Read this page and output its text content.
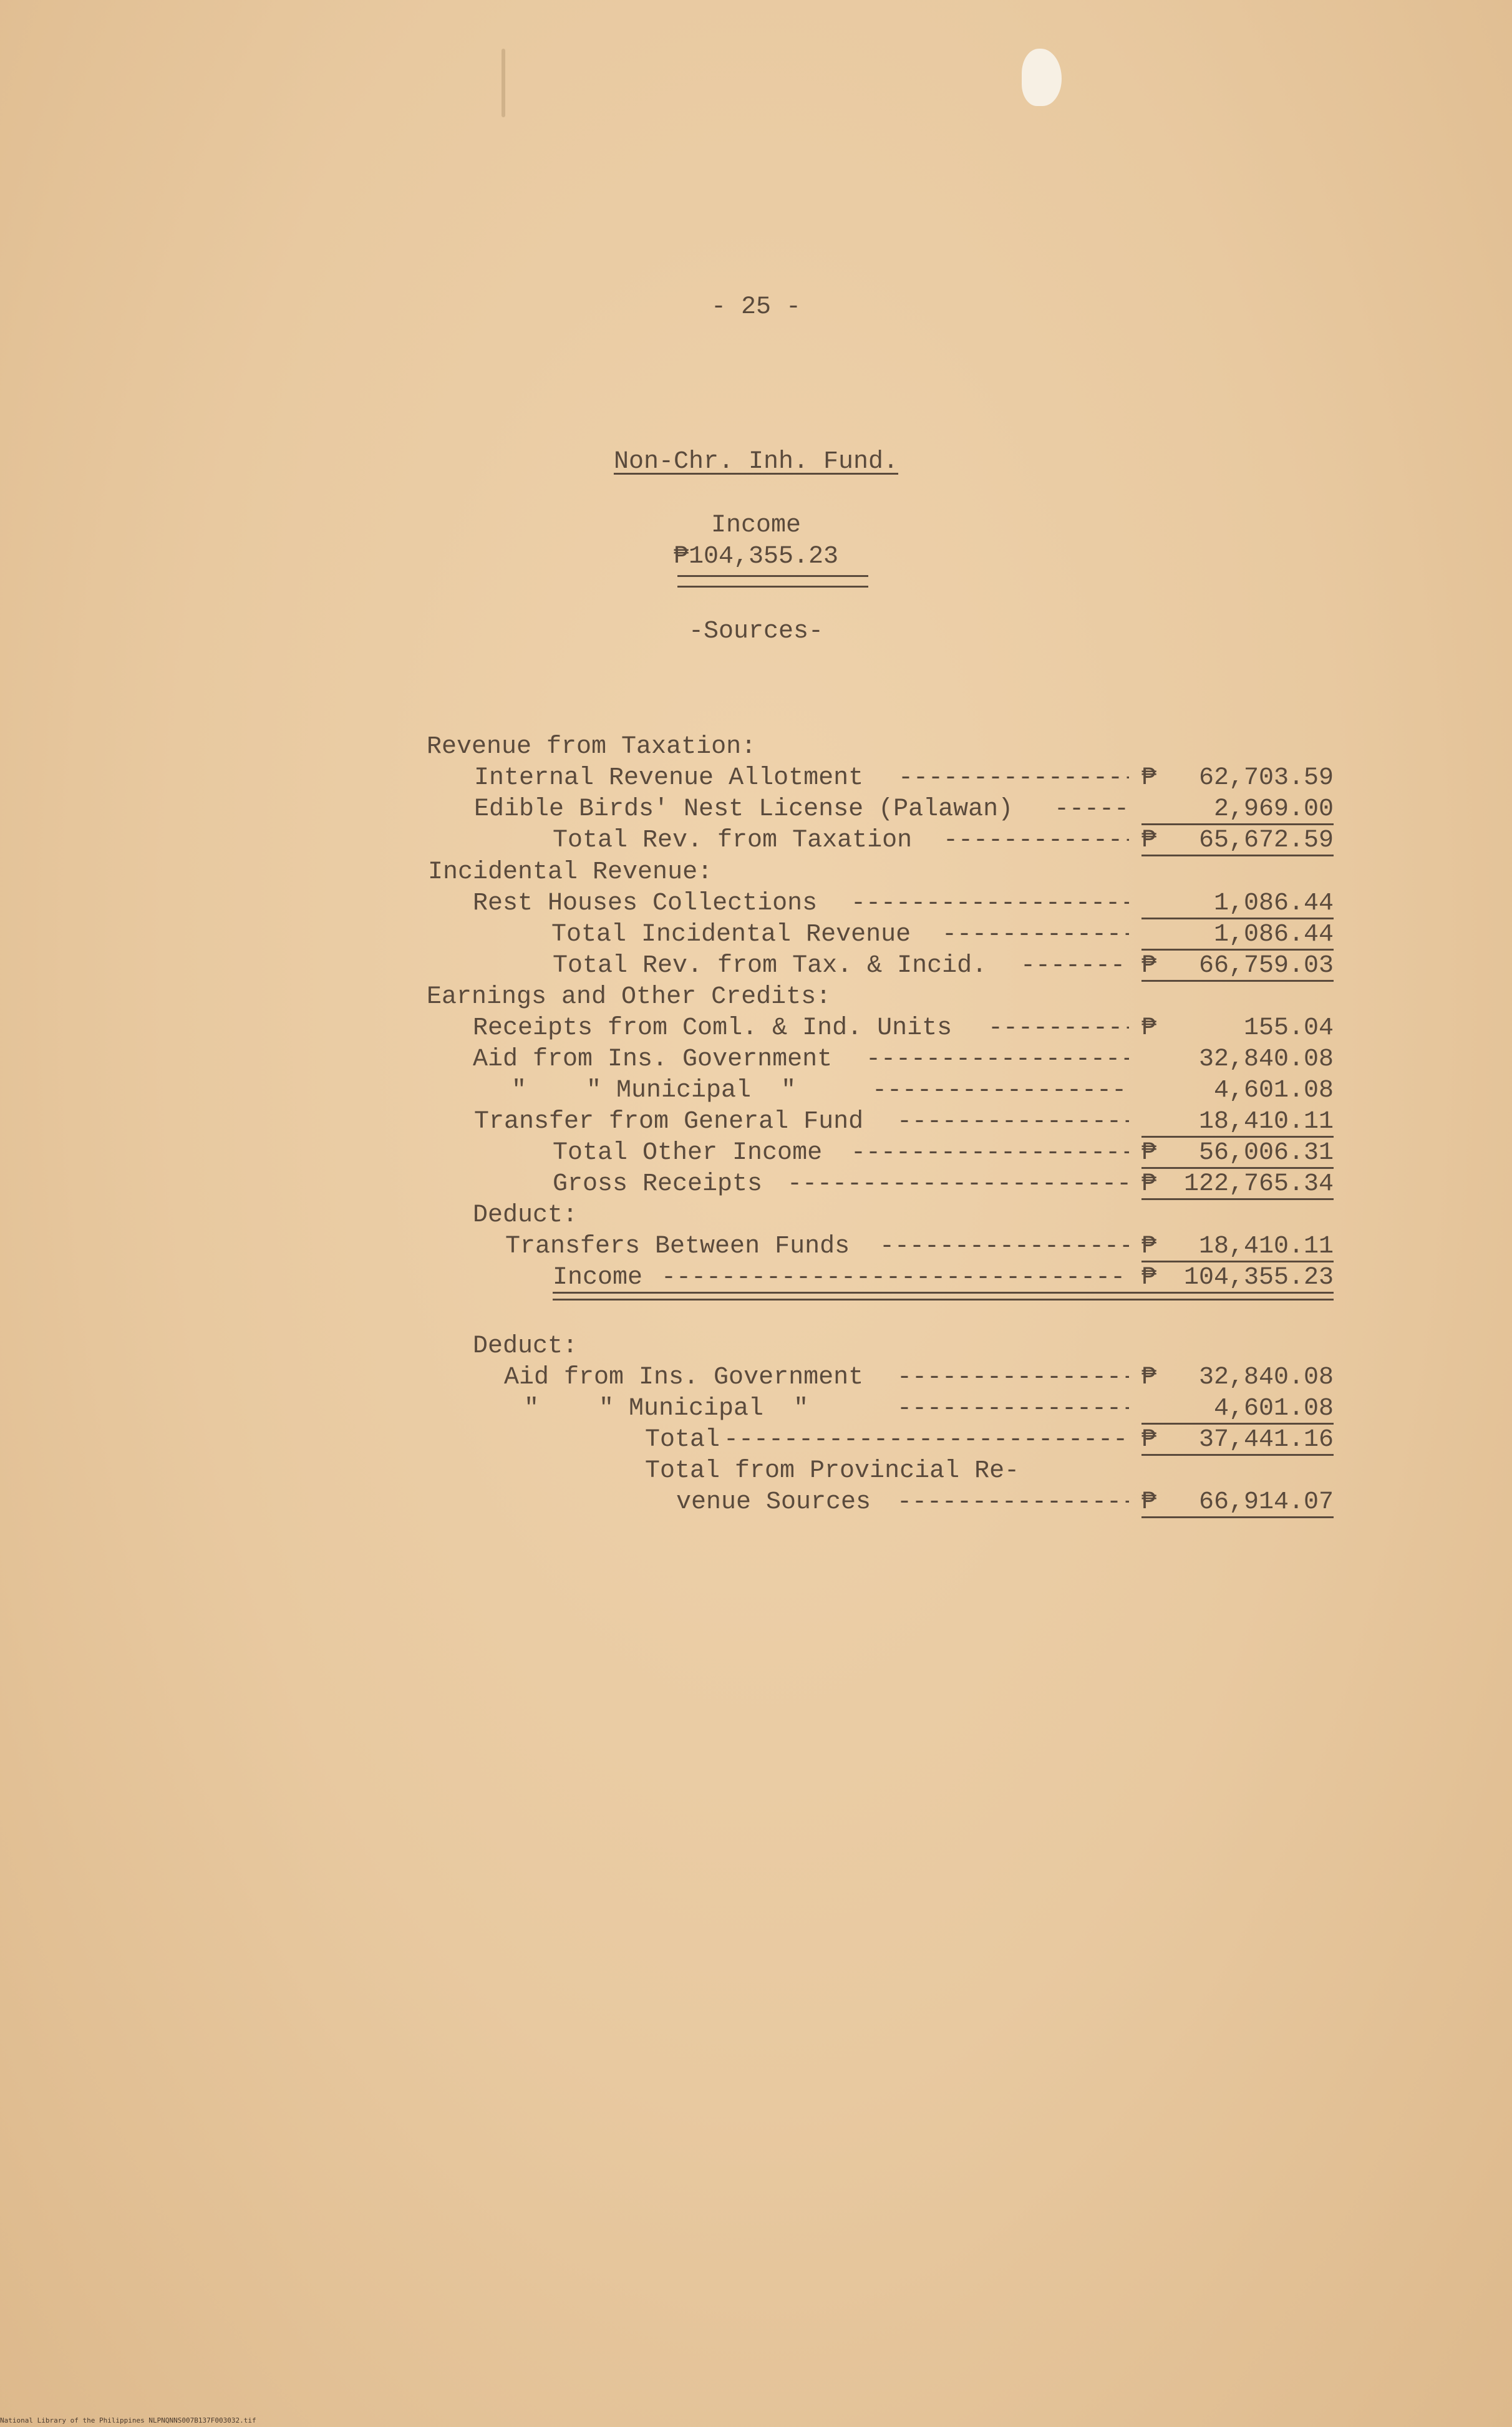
- 25 -
Non-Chr. Inh. Fund.
Income
₱104,355.23
-Sources-
Revenue from Taxation:
Internal Revenue Allotment -----	₱	62,703.59
Edible Birds' Nest License (Palawan) -----	2,969.00
Total Rev. from Taxation -----	₱	65,672.59
Incidental Revenue:
Rest Houses Collections -----	1,086.44
Total Incidental Revenue -----	1,086.44
Total Rev. from Tax. & Incid. -----	₱	66,759.03
Earnings and Other Credits:
Receipts from Coml. & Ind. Units -----	₱	155.04
Aid from Ins. Government -----	32,840.08
"    " Municipal  " -----	4,601.08
Transfer from General Fund -----	18,410.11
Total Other Income -----	₱	56,006.31
Gross Receipts -----	₱	122,765.34
Deduct:
Transfers Between Funds -----	₱	18,410.11
Income -----	₱	104,355.23
Deduct:
Aid from Ins. Government -----	₱	32,840.08
"    " Municipal  " -----	4,601.08
Total -----	₱	37,441.16
Total from Provincial Re-
venue Sources -----	₱	66,914.07
National Library of the Philippines NLPNQNNS007B137F003032.tif
